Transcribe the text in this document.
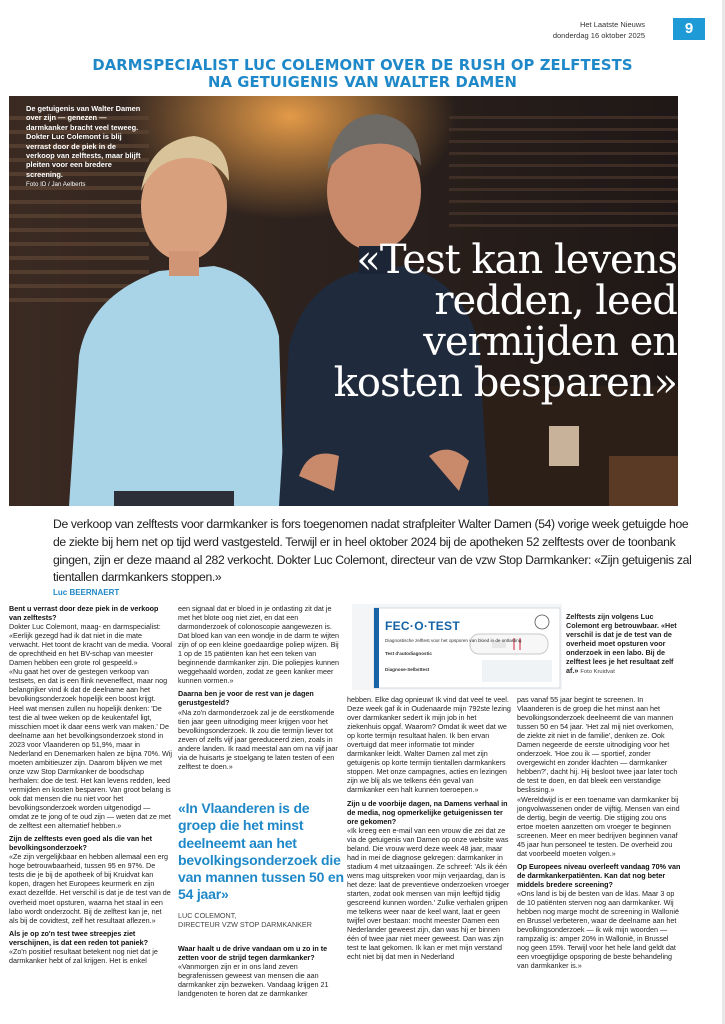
Het Laatste Nieuws
donderdag 16 oktober 2025	9
DARMSPECIALIST LUC COLEMONT OVER DE RUSH OP ZELFTESTS
NA GETUIGENIS VAN WALTER DAMEN
De getuigenis van Walter Damen over zijn — genezen — darmkanker bracht veel teweeg. Dokter Luc Colemont is blij verrast door de piek in de verkoop van zelftests, maar blijft pleiten voor een bredere screening.
Foto ID / Jan Aelberts
«Test kan levens redden, leed vermijden en kosten besparen»
De verkoop van zelftests voor darmkanker is fors toegenomen nadat strafpleiter Walter Damen (54) vorige week getuigde hoe de ziekte bij hem net op tijd werd vastgesteld. Terwijl er in heel oktober 2024 bij de apotheken 52 zelftests over de toonbank gingen, zijn er deze maand al 282 verkocht. Dokter Luc Colemont, directeur van de vzw Stop Darmkanker: «Zijn getuigenis zal tientallen darmkankers stoppen.»
Luc BEERNAERT
Bent u verrast door deze piek in de verkoop van zelftests?

Dokter Luc Colemont, maag- en darmspecialist: «Eerlijk gezegd had ik dat niet in die mate verwacht. Het toont de kracht van de media. Vooral de oprechtheid en het BV-schap van meester Damen hebben een grote rol gespeeld.»

«Nu gaat het over de gestegen verkoop van testsets, en dat is een flink neveneffect, maar nog belangrijker vind ik dat de deelname aan het bevolkingsonderzoek hopelijk een boost krijgt. Heel wat mensen zullen nu hopelijk denken: 'De test die al twee weken op de keukentafel ligt, misschien moet ik daar eens werk van maken.' De deelname aan het bevolkingsonderzoek stond in 2023 voor Vlaanderen op 51,9%, maar in Nederland en Denemarken halen ze bijna 70%. Wij moeten ambitieuzer zijn. Daarom blijven we met onze vzw Stop Darmkanker de boodschap herhalen: doe de test. Het kan levens redden, leed vermijden en kosten besparen. Van groot belang is ook dat mensen die nu niet voor het bevolkingsonderzoek worden uitgenodigd — omdat ze te jong of te oud zijn — weten dat ze met de zelftest een alternatief hebben.»

Zijn de zelftests even goed als die van het bevolkingsonderzoek?

«Ze zijn vergelijkbaar en hebben allemaal een erg hoge betrouwbaarheid, tussen 95 en 97%. De tests die je bij de apotheek of bij Kruidvat kan kopen, dragen het Europees keurmerk en zijn exact dezelfde. Het verschil is dat je de test van de overheid moet opsturen, waarna het staal in een labo wordt onderzocht. Bij de zelftest kan je, net als bij de covidtest, zelf het resultaat aflezen.»

Als je op zo'n test twee streepjes ziet verschijnen, is dat een reden tot paniek?

«Zo'n positief resultaat betekent nog niet dat je darmkanker hebt of zal krijgen. Het is enkel

een signaal dat er bloed in je ontlasting zit dat je met het blote oog niet ziet, en dat een darmonderzoek of colonoscopie aangewezen is. Dat bloed kan van een wondje in de darm te wijten zijn of op een kleine goedaardige poliep wijzen. Bij 1 op de 15 patiënten kan het een teken van beginnende darmkanker zijn. Die poliepjes kunnen weggehaald worden, zodat ze geen kanker meer kunnen vormen.»

Daarna ben je voor de rest van je dagen gerustgesteld?

«Na zo'n darmonderzoek zal je de eerstkomende tien jaar geen uitnodiging meer krijgen voor het bevolkingsonderzoek. Ik zou die termijn liever tot zeven of zelfs vijf jaar gereduceerd zien, zoals in andere landen. Ik raad meestal aan om na vijf jaar via de huisarts je stoelgang te laten testen of een zelftest te doen.»

«In Vlaanderen is de groep die het minst deelneemt aan het bevolkingsonderzoek die van mannen tussen 50 en 54 jaar»
LUC COLEMONT,
DIRECTEUR VZW STOP DARMKANKER
Waar haalt u de drive vandaan om u zo in te zetten voor de strijd tegen darmkanker?

«Vanmorgen zijn er in ons land zeven begrafenissen geweest van mensen die aan darmkanker zijn bezweken. Vandaag krijgen 21 landgenoten te horen dat ze darmkanker

FEC·O·TEST
Diagnostische zelftest voor het opsporen van bloed in de ontlasting
Test d'autodiagnostic
Diagnose-Selbsttest
Zelftests zijn volgens Luc Colemont erg betrouwbaar. «Het verschil is dat je de test van de overheid moet opsturen voor onderzoek in een labo. Bij de zelftest lees je het resultaat zelf af.» Foto Kruidvat

hebben. Elke dag opnieuw! Ik vind dat veel te veel. Deze week gaf ik in Oudenaarde mijn 792ste lezing over darmkanker sedert ik mijn job in het ziekenhuis opgaf. Waarom? Omdat ik weet dat we op korte termijn resultaat halen. Ik ben ervan overtuigd dat meer informatie tot minder darmkanker leidt. Walter Damen zal met zijn getuigenis op korte termijn tientallen darmkankers stoppen. Met onze campagnes, acties en lezingen zijn we blij als we telkens één geval van darmkanker een halt kunnen toeroepen.»

Zijn u de voorbije dagen, na Damens verhaal in de media, nog opmerkelijke getuigenissen ter ore gekomen?

«Ik kreeg een e-mail van een vrouw die zei dat ze via de getuigenis van Damen op onze website was beland. Die vrouw werd deze week 48 jaar, maar had in mei de diagnose gekregen: darmkanker in stadium 4 met uitzaaiingen. Ze schreef: 'Als ik één wens mag uitspreken voor mijn verjaardag, dan is het deze: laat de preventieve onderzoeken vroeger starten, zodat ook mensen van mijn leeftijd tijdig gescreend kunnen worden.' Zulke verhalen grijpen me telkens weer naar de keel want, laat er geen twijfel over bestaan: mocht meester Damen een Nederlander geweest zijn, dan was hij er binnen één of twee jaar niet meer geweest. Dan was zijn test te laat gekomen. Ik kan er met mijn verstand echt niet bij dat men in Nederland

pas vanaf 55 jaar begint te screenen. In Vlaanderen is de groep die het minst aan het bevolkingsonderzoek deelneemt die van mannen tussen 50 en 54 jaar. 'Het zal mij niet overkomen, de ziekte zit niet in de familie', denken ze. Ook Damen negeerde de eerste uitnodiging voor het onderzoek. 'Hoe zou ik — sportief, zonder overgewicht en zonder klachten — darmkanker hebben?', dacht hij. Hij besloot twee jaar later toch de test te doen, en dat bleek een verstandige beslissing.»

«Wereldwijd is er een toename van darmkanker bij jongvolwassenen onder de vijftig. Mensen van eind de dertig, begin de veertig. Die stijging zou ons ertoe moeten aanzetten om vroeger te beginnen screenen. Meer en meer bedrijven beginnen vanaf 45 jaar hun personeel te testen. De overheid zou dat voorbeeld moeten volgen.»

Op Europees niveau overleeft vandaag 70% van de darmkankerpatiënten. Kan dat nog beter middels bredere screening?

«Ons land is bij de besten van de klas. Maar 3 op de 10 patiënten sterven nog aan darmkanker. Wij hebben nog marge mocht de screening in Wallonië en Brussel verbeteren, waar de deelname aan het bevolkingsonderzoek — ik wik mijn woorden — rampzalig is: amper 20% in Wallonië, in Brussel nog geen 15%. Terwijl voor het hele land geldt dat een vroegtijdige opsporing de beste behandeling van darmkanker is.»
